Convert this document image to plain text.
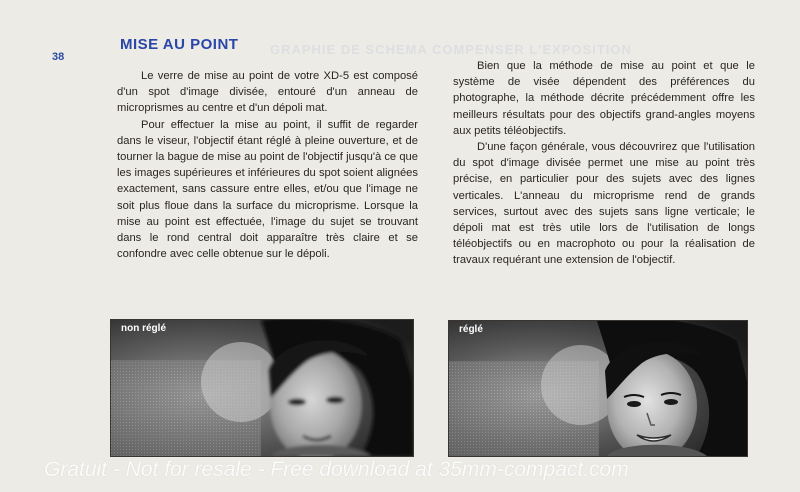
38
MISE AU POINT GRAPHIE DE SCHEMA COMPENSER L'EXPOSITION

Le verre de mise au point de votre XD-5 est composé d'un spot d'image divisée, entouré d'un anneau de microprismes au centre et d'un dépoli mat.

Pour effectuer la mise au point, il suffit de regarder dans le viseur, l'objectif étant réglé à pleine ouverture, et de tourner la bague de mise au point de l'objectif jusqu'à ce que les images supérieures et inférieures du spot soient alignées exactement, sans cassure entre elles, et/ou que l'image ne soit plus floue dans la surface du microprisme. Lorsque la mise au point est effectuée, l'image du sujet se trouvant dans le rond central doit apparaître très claire et se confondre avec celle obtenue sur le dépoli.

Bien que la méthode de mise au point et que le système de visée dépendent des préférences du photographe, la méthode décrite précédemment offre les meilleurs résultats pour des objectifs grand-angles moyens aux petits téléobjectifs.

D'une façon générale, vous découvrirez que l'utilisation du spot d'image divisée permet une mise au point très précise, en particulier pour des sujets avec des lignes verticales. L'anneau du microprisme rend de grands services, surtout avec des sujets sans ligne verticale; le dépoli mat est très utile lors de l'utilisation de longs téléobjectifs ou en macrophoto ou pour la réalisation de travaux requérant une extension de l'objectif.

non réglé	réglé
Gratuit - Not for resale - Free download at 35mm-compact.com
